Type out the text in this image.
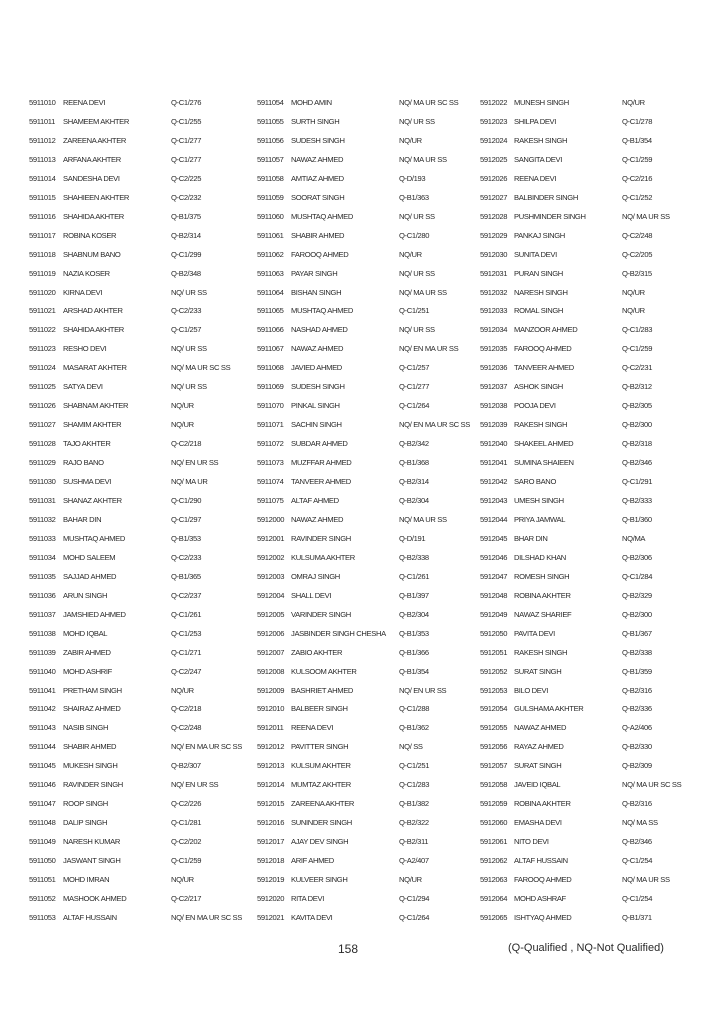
5911010 REENA DEVI	Q-C1/276
5911011	SHAMEEM AKHTER	Q-C1/255
5911012 ZAREENA AKHTER	Q-C1/277
5911013 ARFANA AKHTER	Q-C1/277
5911014 SANDESHA DEVI	Q-C2/225
5911015 SHAHIEEN AKHTER	Q-C2/232
5911016 SHAHIDA AKHTER	Q-B1/375
5911017 ROBINA KOSER	Q-B2/314
5911018 SHABNUM BANO	Q-C1/299
5911019 NAZIA KOSER	Q-B2/348
5911020 KIRNA DEVI	NQ/ UR SS
5911021 ARSHAD AKHTER	Q-C2/233
5911022 SHAHIDA AKHTER	Q-C1/257
5911023 RESHO DEVI	NQ/ UR SS
5911024 MASARAT AKHTER	NQ/ MA UR SC SS
5911025 SATYA DEVI	NQ/ UR SS
5911026 SHABNAM AKHTER	NQ/UR
5911027 SHAMIM AKHTER	NQ/UR
5911028 TAJO AKHTER	Q-C2/218
5911029 RAJO BANO	NQ/ EN UR SS
5911030 SUSHMA DEVI	NQ/ MA UR
5911031 SHANAZ AKHTER	Q-C1/290
5911032 BAHAR DIN	Q-C1/297
5911033 MUSHTAQ AHMED	Q-B1/353
5911034 MOHD SALEEM	Q-C2/233
5911035 SAJJAD AHMED	Q-B1/365
5911036 ARUN SINGH	Q-C2/237
5911037 JAMSHIED AHMED	Q-C1/261
5911038 MOHD IQBAL	Q-C1/253
5911039 ZABIR AHMED	Q-C1/271
5911040 MOHD ASHRIF	Q-C2/247
5911041 PRETHAM SINGH	NQ/UR
5911042 SHAIRAZ AHMED	Q-C2/218
5911043 NASIB SINGH	Q-C2/248
5911044 SHABIR AHMED	NQ/ EN MA UR SC SS
5911045 MUKESH SINGH	Q-B2/307
5911046 RAVINDER SINGH	NQ/ EN UR SS
5911047 ROOP SINGH	Q-C2/226
5911048 DALIP SINGH	Q-C1/281
5911049 NARESH KUMAR	Q-C2/202
5911050 JASWANT SINGH	Q-C1/259
5911051 MOHD IMRAN	NQ/UR
5911052 MASHOOK AHMED	Q-C2/217
5911053 ALTAF HUSSAIN	NQ/ EN MA UR SC SS
5911054 MOHD AMIN	NQ/ MA UR SC SS
5911055 SURTH SINGH	NQ/ UR SS
5911056 SUDESH SINGH	NQ/UR
5911057 NAWAZ AHMED	NQ/ MA UR SS
5911058 AMTIAZ AHMED	Q-D/193
5911059 SOORAT SINGH	Q-B1/363
5911060 MUSHTAQ AHMED	NQ/ UR SS
5911061 SHABIR AHMED	Q-C1/280
5911062 FAROOQ AHMED	NQ/UR
5911063 PAYAR SINGH	NQ/ UR SS
5911064 BISHAN SINGH	NQ/ MA UR SS
5911065 MUSHTAQ AHMED	Q-C1/251
5911066 NASHAD AHMED	NQ/ UR SS
5911067 NAWAZ AHMED	NQ/ EN MA UR SS
5911068 JAVIED AHMED	Q-C1/257
5911069 SUDESH SINGH	Q-C1/277
5911070 PINKAL SINGH	Q-C1/264
5911071 SACHIN SINGH	NQ/ EN MA UR SC SS
5911072 SUBDAR AHMED	Q-B2/342
5911073 MUZFFAR AHMED	Q-B1/368
5911074 TANVEER AHMED	Q-B2/314
5911075 ALTAF AHMED	Q-B2/304
5912000 NAWAZ AHMED	NQ/ MA UR SS
5912001 RAVINDER SINGH	Q-D/191
5912002 KULSUMA AKHTER	Q-B2/338
5912003 OMRAJ SINGH	Q-C1/261
5912004 SHALL DEVI	Q-B1/397
5912005 VARINDER SINGH	Q-B2/304
5912006 JASBINDER SINGH CHESHA	Q-B1/353
5912007 ZABIO AKHTER	Q-B1/366
5912008 KULSOOM AKHTER	Q-B1/354
5912009 BASHRIET AHMED	NQ/ EN UR SS
5912010 BALBEER SINGH	Q-C1/288
5912011 REENA DEVI	Q-B1/362
5912012 PAVITTER SINGH	NQ/ SS
5912013 KULSUM AKHTER	Q-C1/251
5912014 MUMTAZ AKHTER	Q-C1/283
5912015 ZAREENA AKHTER	Q-B1/382
5912016 SUNINDER SINGH	Q-B2/322
5912017 AJAY DEV SINGH	Q-B2/311
5912018 ARIF AHMED	Q-A2/407
5912019 KULVEER SINGH	NQ/UR
5912020 RITA DEVI	Q-C1/294
5912021 KAVITA DEVI	Q-C1/264
5912022 MUNESH SINGH	NQ/UR
5912023 SHILPA DEVI	Q-C1/278
5912024 RAKESH SINGH	Q-B1/354
5912025 SANGITA DEVI	Q-C1/259
5912026 REENA DEVI	Q-C2/216
5912027 BALBINDER SINGH	Q-C1/252
5912028 PUSHMINDER SINGH	NQ/ MA UR SS
5912029 PANKAJ SINGH	Q-C2/248
5912030 SUNITA DEVI	Q-C2/205
5912031 PURAN SINGH	Q-B2/315
5912032 NARESH SINGH	NQ/UR
5912033 ROMAL SINGH	NQ/UR
5912034 MANZOOR AHMED	Q-C1/283
5912035 FAROOQ AHMED	Q-C1/259
5912036 TANVEER AHMED	Q-C2/231
5912037 ASHOK SINGH	Q-B2/312
5912038 POOJA DEVI	Q-B2/305
5912039 RAKESH SINGH	Q-B2/300
5912040 SHAKEEL AHMED	Q-B2/318
5912041 SUMINA SHAIEEN	Q-B2/346
5912042 SARO BANO	Q-C1/291
5912043 UMESH SINGH	Q-B2/333
5912044 PRIYA JAMWAL	Q-B1/360
5912045 BHAR DIN	NQ/MA
5912046 DILSHAD KHAN	Q-B2/306
5912047 ROMESH SINGH	Q-C1/284
5912048 ROBINA AKHTER	Q-B2/329
5912049 NAWAZ SHARIEF	Q-B2/300
5912050 PAVITA DEVI	Q-B1/367
5912051 RAKESH SINGH	Q-B2/338
5912052 SURAT SINGH	Q-B1/359
5912053 BILO DEVI	Q-B2/316
5912054 GULSHAMA AKHTER	Q-B2/336
5912055 NAWAZ AHMED	Q-A2/406
5912056 RAYAZ AHMED	Q-B2/330
5912057 SURAT SINGH	Q-B2/309
5912058 JAVEID IQBAL	NQ/ MA UR SC SS
5912059 ROBINA AKHTER	Q-B2/316
5912060 EMASHA DEVI	NQ/ MA SS
5912061 NITO DEVI	Q-B2/346
5912062 ALTAF HUSSAIN	Q-C1/254
5912063 FAROOQ AHMED	NQ/ MA UR SS
5912064 MOHD ASHRAF	Q-C1/254
5912065 ISHTYAQ AHMED	Q-B1/371
158	(Q-Qualified , NQ-Not Qualified)
